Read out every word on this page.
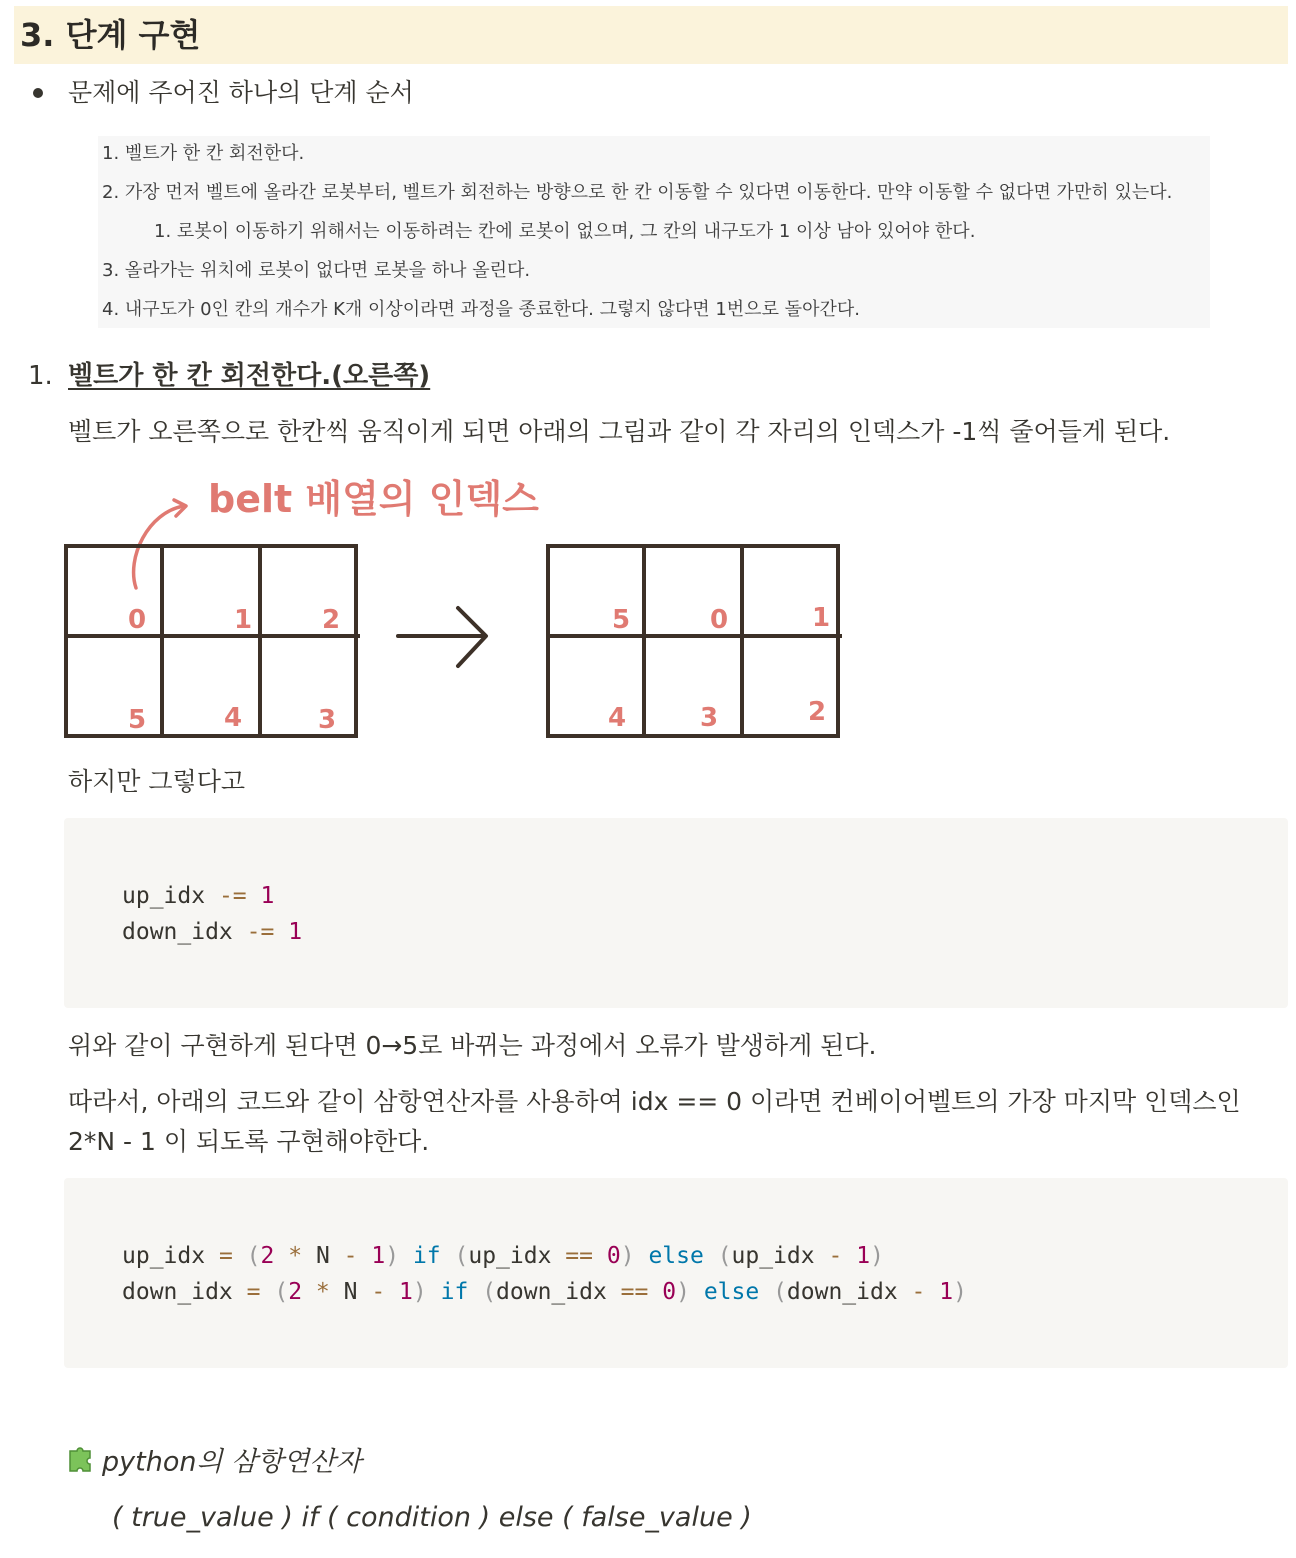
3. 단계 구현
문제에 주어진 하나의 단계 순서
1. 벨트가 한 칸 회전한다.
2. 가장 먼저 벨트에 올라간 로봇부터, 벨트가 회전하는 방향으로 한 칸 이동할 수 있다면 이동한다. 만약 이동할 수 없다면 가만히 있는다.
1. 로봇이 이동하기 위해서는 이동하려는 칸에 로봇이 없으며, 그 칸의 내구도가 1 이상 남아 있어야 한다.
3. 올라가는 위치에 로봇이 없다면 로봇을 하나 올린다.
4. 내구도가 0인 칸의 개수가 K개 이상이라면 과정을 종료한다. 그렇지 않다면 1번으로 돌아간다.
1. 벨트가 한 칸 회전한다.(오른쪽)
벨트가 오른쪽으로 한칸씩 움직이게 되면 아래의 그림과 같이 각 자리의 인덱스가 -1씩 줄어들게 된다.
belt 배열의 인덱스
0	1	2
5	4	3
5	0	1
4	3	2
하지만 그렇다고
up_idx -= 1
down_idx -= 1
위와 같이 구현하게 된다면 0→5로 바뀌는 과정에서 오류가 발생하게 된다.
따라서, 아래의 코드와 같이 삼항연산자를 사용하여 idx == 0 이라면 컨베이어벨트의 가장 마지막 인덱스인
2*N - 1 이 되도록 구현해야한다.
up_idx = (2 * N - 1) if (up_idx == 0) else (up_idx - 1)
down_idx = (2 * N - 1) if (down_idx == 0) else (down_idx - 1)
python의 삼항연산자
( true_value ) if ( condition ) else ( false_value )
